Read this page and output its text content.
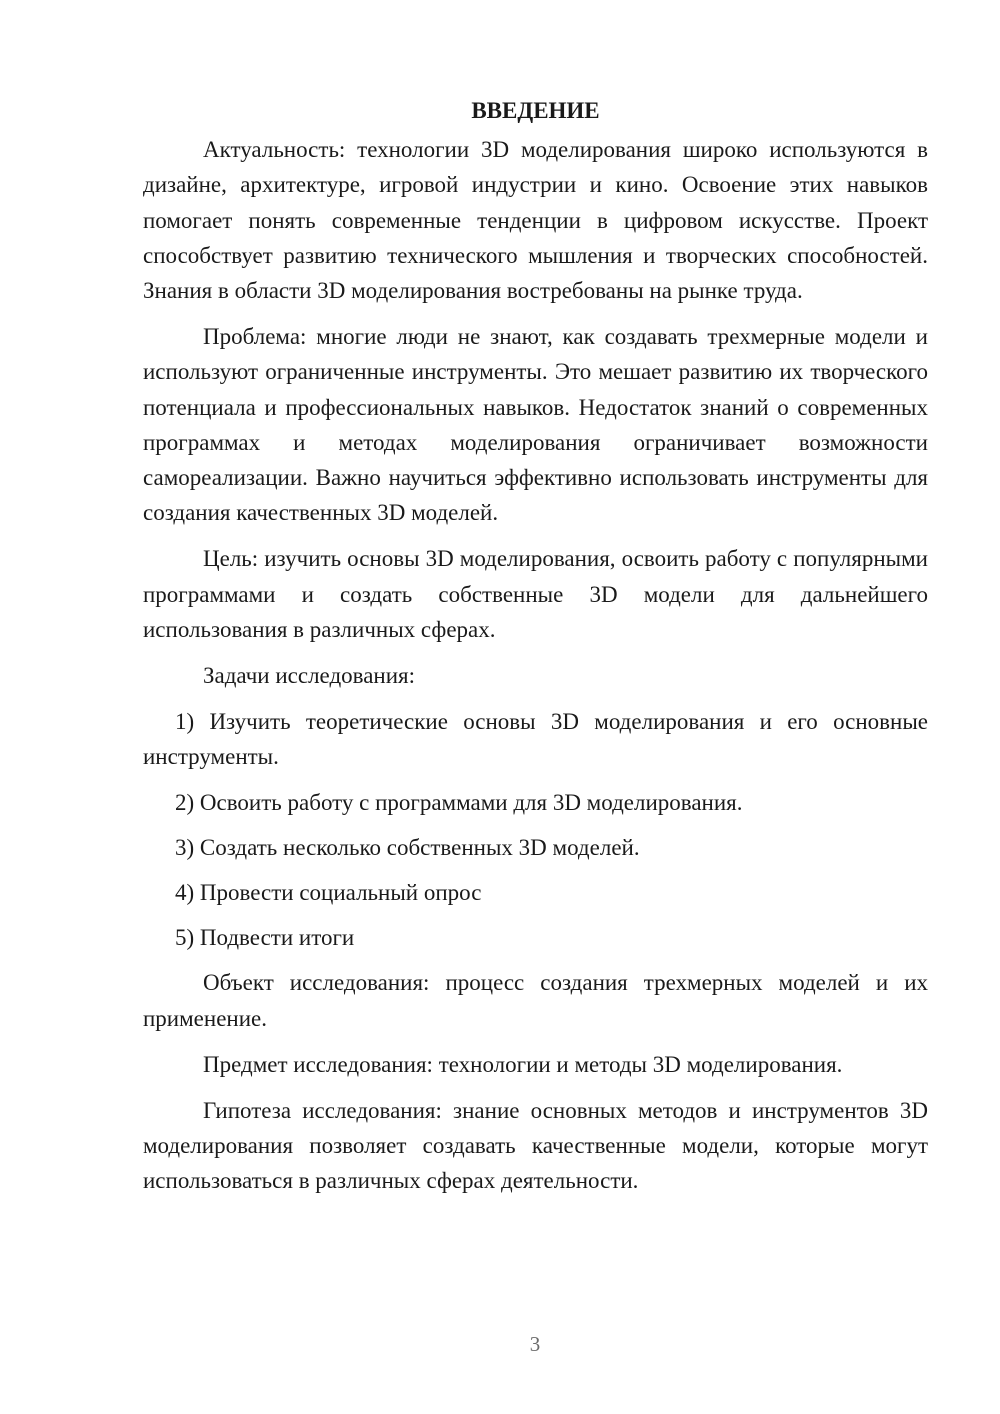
ВВЕДЕНИЕ

Актуальность: технологии 3D моделирования широко используются в дизайне, архитектуре, игровой индустрии и кино. Освоение этих навыков помогает понять современные тенденции в цифровом искусстве. Проект способствует развитию технического мышления и творческих способностей. Знания в области 3D моделирования востребованы на рынке труда.

Проблема: многие люди не знают, как создавать трехмерные модели и используют ограниченные инструменты. Это мешает развитию их творческого потенциала и профессиональных навыков. Недостаток знаний о современных программах и методах моделирования ограничивает возможности самореализации. Важно научиться эффективно использовать инструменты для создания качественных 3D моделей.

Цель: изучить основы 3D моделирования, освоить работу с популярными программами и создать собственные 3D модели для дальнейшего использования в различных сферах.

Задачи исследования:

1) Изучить теоретические основы 3D моделирования и его основные инструменты.

2) Освоить работу с программами для 3D моделирования.

3) Создать несколько собственных 3D моделей.

4) Провести социальный опрос

5) Подвести итоги

Объект исследования: процесс создания трехмерных моделей и их применение.

Предмет исследования: технологии и методы 3D моделирования.

Гипотеза исследования: знание основных методов и инструментов 3D моделирования позволяет создавать качественные модели, которые могут использоваться в различных сферах деятельности.

3
